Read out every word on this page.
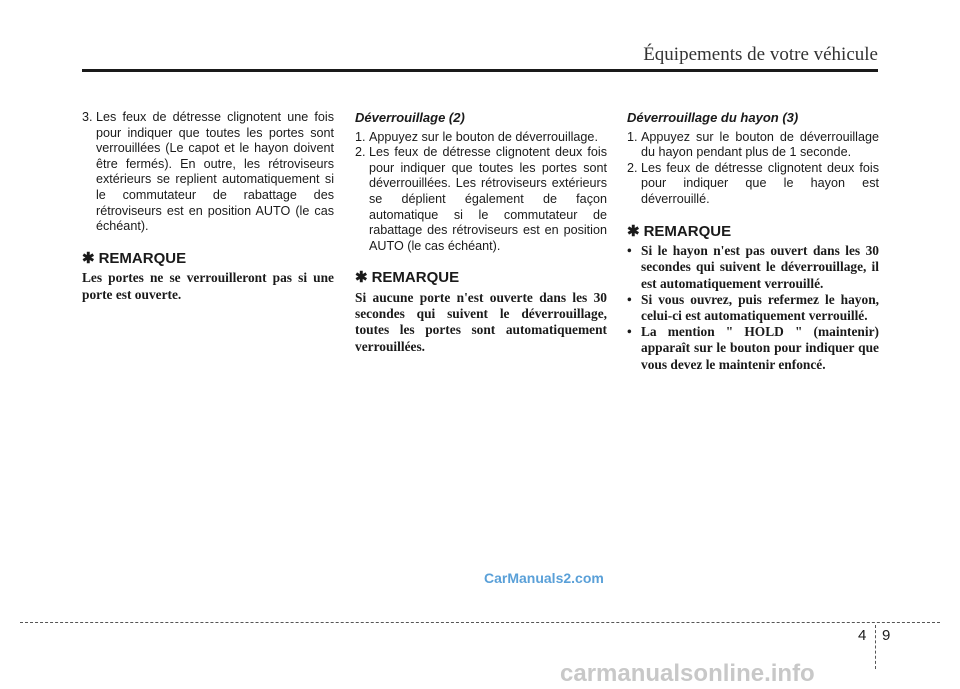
Équipements de votre véhicule
3. Les feux de détresse clignotent une fois pour indiquer que toutes les portes sont verrouillées (Le capot et le hayon doivent être fermés). En outre, les rétroviseurs extérieurs se replient automatiquement si le commutateur de rabattage des rétroviseurs est en position AUTO (le cas échéant).
✱ REMARQUE
Les portes ne se verrouilleront pas si une porte est ouverte.
Déverrouillage (2)
1. Appuyez sur le bouton de déverrouillage.
2. Les feux de détresse clignotent deux fois pour indiquer que toutes les portes sont déverrouillées. Les rétroviseurs extérieurs se déplient également de façon automatique si le commutateur de rabattage des rétroviseurs est en position AUTO (le cas échéant).
✱ REMARQUE
Si aucune porte n'est ouverte dans les 30 secondes qui suivent le déverrouillage, toutes les portes sont automatiquement verrouillées.
Déverrouillage du hayon (3)
1. Appuyez sur le bouton de déverrouillage du hayon pendant plus de 1 seconde.
2. Les feux de détresse clignotent deux fois pour indiquer que le hayon est déverrouillé.
✱ REMARQUE
• Si le hayon n'est pas ouvert dans les 30 secondes qui suivent le déverrouillage, il est automatiquement verrouillé.
• Si vous ouvrez, puis refermez le hayon, celui-ci est automatiquement verrouillé.
• La mention " HOLD " (maintenir) apparaît sur le bouton pour indiquer que vous devez le maintenir enfoncé.
CarManuals2.com
4 9
carmanualsonline.info
